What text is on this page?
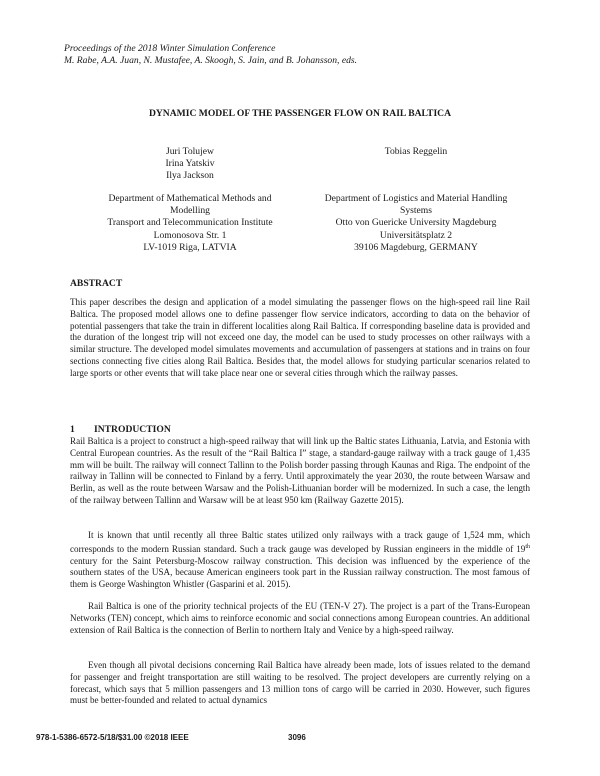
Proceedings of the 2018 Winter Simulation Conference
M. Rabe, A.A. Juan, N. Mustafee, A. Skoogh, S. Jain, and B. Johansson, eds.
DYNAMIC MODEL OF THE PASSENGER FLOW ON RAIL BALTICA
Juri Tolujew
Irina Yatskiv
Ilya Jackson
Tobias Reggelin
Department of Mathematical Methods and
Modelling
Transport and Telecommunication Institute
Lomonosova Str. 1
LV-1019 Riga, LATVIA
Department of Logistics and Material Handling
Systems
Otto von Guericke University Magdeburg
Universitätsplatz 2
39106 Magdeburg, GERMANY
ABSTRACT

This paper describes the design and application of a model simulating the passenger flows on the high-speed rail line Rail Baltica. The proposed model allows one to define passenger flow service indicators, according to data on the behavior of potential passengers that take the train in different localities along Rail Baltica. If corresponding baseline data is provided and the duration of the longest trip will not exceed one day, the model can be used to study processes on other railways with a similar structure. The developed model simulates movements and accumulation of passengers at stations and in trains on four sections connecting five cities along Rail Baltica. Besides that, the model allows for studying particular scenarios related to large sports or other events that will take place near one or several cities through which the railway passes.

1 INTRODUCTION

Rail Baltica is a project to construct a high-speed railway that will link up the Baltic states Lithuania, Latvia, and Estonia with Central European countries. As the result of the “Rail Baltica I” stage, a standard-gauge railway with a track gauge of 1,435 mm will be built. The railway will connect Tallinn to the Polish border passing through Kaunas and Riga. The endpoint of the railway in Tallinn will be connected to Finland by a ferry. Until approximately the year 2030, the route between Warsaw and Berlin, as well as the route between Warsaw and the Polish-Lithuanian border will be modernized. In such a case, the length of the railway between Tallinn and Warsaw will be at least 950 km (Railway Gazette 2015).

It is known that until recently all three Baltic states utilized only railways with a track gauge of 1,524 mm, which corresponds to the modern Russian standard. Such a track gauge was developed by Russian engineers in the middle of 19th century for the Saint Petersburg-Moscow railway construction. This decision was influenced by the experience of the southern states of the USA, because American engineers took part in the Russian railway construction. The most famous of them is George Washington Whistler (Gasparini et al. 2015).

Rail Baltica is one of the priority technical projects of the EU (TEN-V 27). The project is a part of the Trans-European Networks (TEN) concept, which aims to reinforce economic and social connections among European countries. An additional extension of Rail Baltica is the connection of Berlin to northern Italy and Venice by a high-speed railway.

Even though all pivotal decisions concerning Rail Baltica have already been made, lots of issues related to the demand for passenger and freight transportation are still waiting to be resolved. The project developers are currently relying on a forecast, which says that 5 million passengers and 13 million tons of cargo will be carried in 2030. However, such figures must be better-founded and related to actual dynamics

978-1-5386-6572-5/18/$31.00 ©2018 IEEE	3096
